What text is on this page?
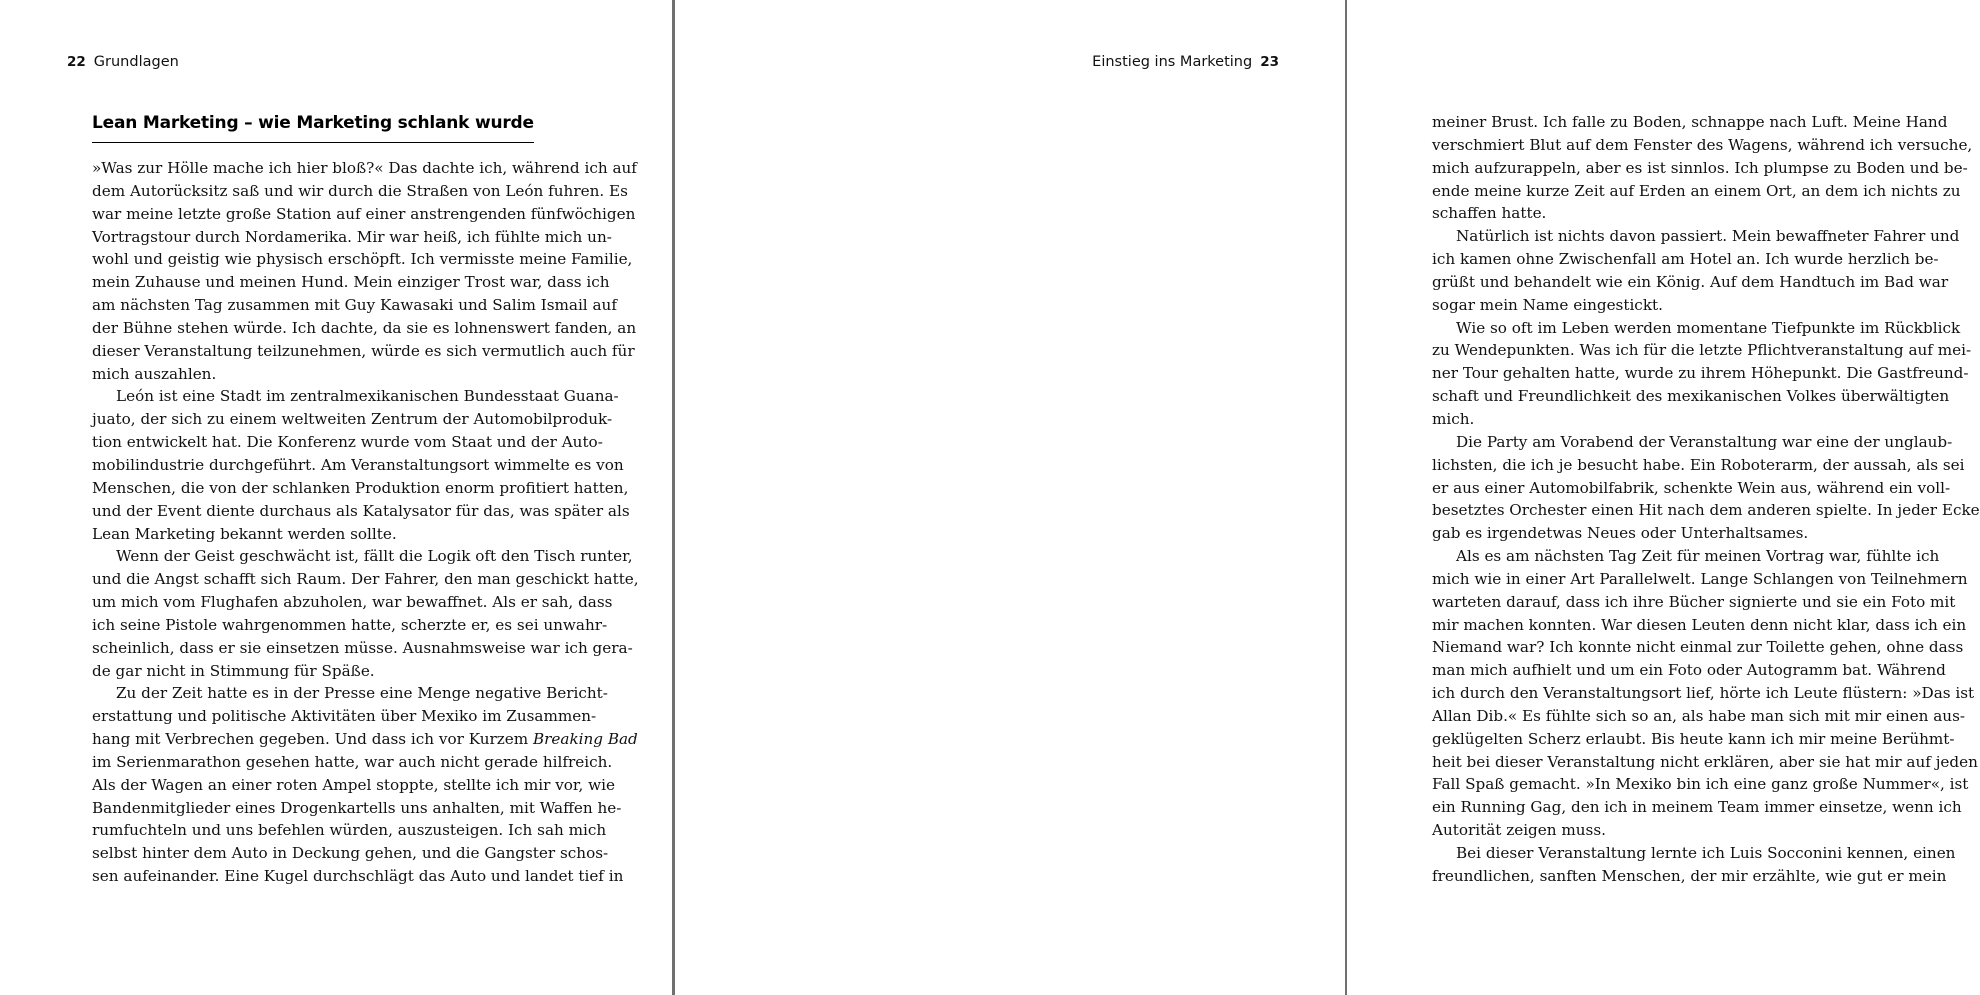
22 Grundlagen
Lean Marketing – wie Marketing schlank wurde
»Was zur Hölle mache ich hier bloß?« Das dachte ich, während ich auf
dem Autorücksitz saß und wir durch die Straßen von León fuhren. Es
war meine letzte große Station auf einer anstrengenden fünfwöchigen
Vortragstour durch Nordamerika. Mir war heiß, ich fühlte mich un-
wohl und geistig wie physisch erschöpft. Ich vermisste meine Familie,
mein Zuhause und meinen Hund. Mein einziger Trost war, dass ich
am nächsten Tag zusammen mit Guy Kawasaki und Salim Ismail auf
der Bühne stehen würde. Ich dachte, da sie es lohnenswert fanden, an
dieser Veranstaltung teilzunehmen, würde es sich vermutlich auch für
mich auszahlen.
León ist eine Stadt im zentralmexikanischen Bundesstaat Guana-
juato, der sich zu einem weltweiten Zentrum der Automobilproduk-
tion entwickelt hat. Die Konferenz wurde vom Staat und der Auto-
mobilindustrie durchgeführt. Am Veranstaltungsort wimmelte es von
Menschen, die von der schlanken Produktion enorm profitiert hatten,
und der Event diente durchaus als Katalysator für das, was später als
Lean Marketing bekannt werden sollte.
Wenn der Geist geschwächt ist, fällt die Logik oft den Tisch runter,
und die Angst schafft sich Raum. Der Fahrer, den man geschickt hatte,
um mich vom Flughafen abzuholen, war bewaffnet. Als er sah, dass
ich seine Pistole wahrgenommen hatte, scherzte er, es sei unwahr-
scheinlich, dass er sie einsetzen müsse. Ausnahmsweise war ich gera-
de gar nicht in Stimmung für Späße.
Zu der Zeit hatte es in der Presse eine Menge negative Bericht-
erstattung und politische Aktivitäten über Mexiko im Zusammen-
hang mit Verbrechen gegeben. Und dass ich vor Kurzem Breaking Bad
im Serienmarathon gesehen hatte, war auch nicht gerade hilfreich.
Als der Wagen an einer roten Ampel stoppte, stellte ich mir vor, wie
Bandenmitglieder eines Drogenkartells uns anhalten, mit Waffen he-
rumfuchteln und uns befehlen würden, auszusteigen. Ich sah mich
selbst hinter dem Auto in Deckung gehen, und die Gangster schos-
sen aufeinander. Eine Kugel durchschlägt das Auto und landet tief in
Einstieg ins Marketing 23
meiner Brust. Ich falle zu Boden, schnappe nach Luft. Meine Hand
verschmiert Blut auf dem Fenster des Wagens, während ich versuche,
mich aufzurappeln, aber es ist sinnlos. Ich plumpse zu Boden und be-
ende meine kurze Zeit auf Erden an einem Ort, an dem ich nichts zu
schaffen hatte.
Natürlich ist nichts davon passiert. Mein bewaffneter Fahrer und
ich kamen ohne Zwischenfall am Hotel an. Ich wurde herzlich be-
grüßt und behandelt wie ein König. Auf dem Handtuch im Bad war
sogar mein Name eingestickt.
Wie so oft im Leben werden momentane Tiefpunkte im Rückblick
zu Wendepunkten. Was ich für die letzte Pflichtveranstaltung auf mei-
ner Tour gehalten hatte, wurde zu ihrem Höhepunkt. Die Gastfreund-
schaft und Freundlichkeit des mexikanischen Volkes überwältigten
mich.
Die Party am Vorabend der Veranstaltung war eine der unglaub-
lichsten, die ich je besucht habe. Ein Roboterarm, der aussah, als sei
er aus einer Automobilfabrik, schenkte Wein aus, während ein voll-
besetztes Orchester einen Hit nach dem anderen spielte. In jeder Ecke
gab es irgendetwas Neues oder Unterhaltsames.
Als es am nächsten Tag Zeit für meinen Vortrag war, fühlte ich
mich wie in einer Art Parallelwelt. Lange Schlangen von Teilnehmern
warteten darauf, dass ich ihre Bücher signierte und sie ein Foto mit
mir machen konnten. War diesen Leuten denn nicht klar, dass ich ein
Niemand war? Ich konnte nicht einmal zur Toilette gehen, ohne dass
man mich aufhielt und um ein Foto oder Autogramm bat. Während
ich durch den Veranstaltungsort lief, hörte ich Leute flüstern: »Das ist
Allan Dib.« Es fühlte sich so an, als habe man sich mit mir einen aus-
geklügelten Scherz erlaubt. Bis heute kann ich mir meine Berühmt-
heit bei dieser Veranstaltung nicht erklären, aber sie hat mir auf jeden
Fall Spaß gemacht. »In Mexiko bin ich eine ganz große Nummer«, ist
ein Running Gag, den ich in meinem Team immer einsetze, wenn ich
Autorität zeigen muss.
Bei dieser Veranstaltung lernte ich Luis Socconini kennen, einen
freundlichen, sanften Menschen, der mir erzählte, wie gut er mein
